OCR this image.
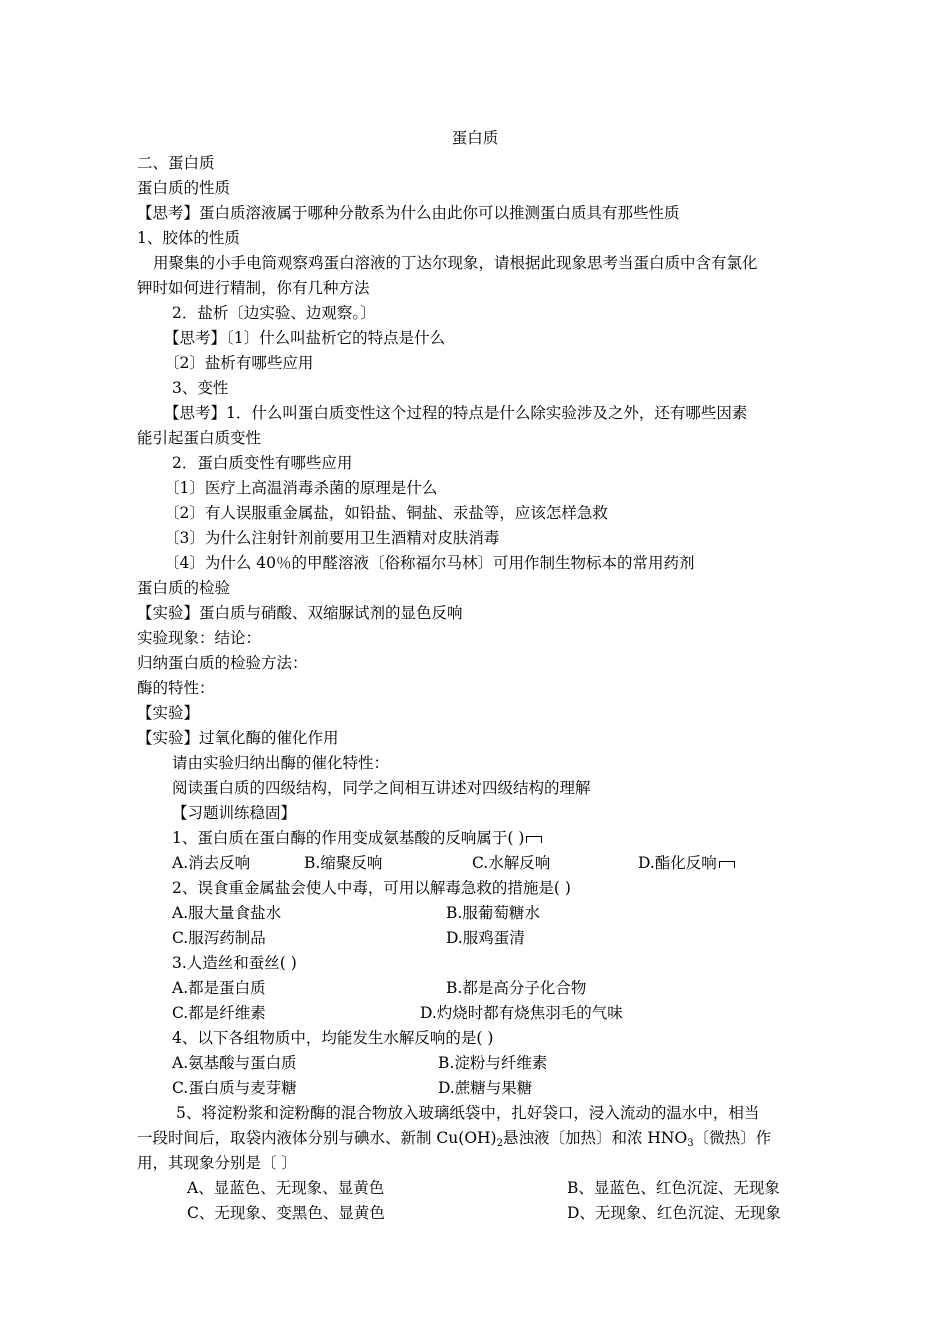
蛋白质
二、蛋白质
蛋白质的性质
【思考】蛋白质溶液属于哪种分散系为什么由此你可以推测蛋白质具有那些性质
1、胶体的性质
用聚集的小手电筒观察鸡蛋白溶液的丁达尔现象，请根据此现象思考当蛋白质中含有氯化
钾时如何进行精制，你有几种方法
2．盐析〔边实验、边观察。〕
【思考】〔1〕什么叫盐析它的特点是什么
〔2〕盐析有哪些应用
3、变性
【思考】1．什么叫蛋白质变性这个过程的特点是什么除实验涉及之外，还有哪些因素
能引起蛋白质变性
2．蛋白质变性有哪些应用
〔1〕医疗上高温消毒杀菌的原理是什么
〔2〕有人误服重金属盐，如铅盐、铜盐、汞盐等，应该怎样急救
〔3〕为什么注射针剂前要用卫生酒精对皮肤消毒
〔4〕为什么 40％的甲醛溶液〔俗称福尔马林〕可用作制生物标本的常用药剂
蛋白质的检验
【实验】蛋白质与硝酸、双缩脲试剂的显色反响
实验现象：结论：
归纳蛋白质的检验方法：
酶的特性：
【实验】
【实验】过氧化酶的催化作用
请由实验归纳出酶的催化特性：
阅读蛋白质的四级结构，同学之间相互讲述对四级结构的理解
【习题训练稳固】
1、蛋白质在蛋白酶的作用变成氨基酸的反响属于( )
A.消去反响	B.缩聚反响	C.水解反响	D.酯化反响
2、误食重金属盐会使人中毒，可用以解毒急救的措施是( )
A.服大量食盐水	B.服葡萄糖水
C.服泻药制品	D.服鸡蛋清
3.人造丝和蚕丝( )
A.都是蛋白质	B.都是高分子化合物
C.都是纤维素	D.灼烧时都有烧焦羽毛的气味
4、以下各组物质中，均能发生水解反响的是( )
A.氨基酸与蛋白质	B.淀粉与纤维素
C.蛋白质与麦芽糖	D.蔗糖与果糖
5、将淀粉浆和淀粉酶的混合物放入玻璃纸袋中，扎好袋口，浸入流动的温水中，相当
一段时间后，取袋内液体分别与碘水、新制 $Cu(OH)_2$悬浊液〔加热〕和浓 $HNO_3$〔微热〕作
用，其现象分别是〔 〕
A、显蓝色、无现象、显黄色	B、显蓝色、红色沉淀、无现象
C、无现象、变黑色、显黄色	D、无现象、红色沉淀、无现象
